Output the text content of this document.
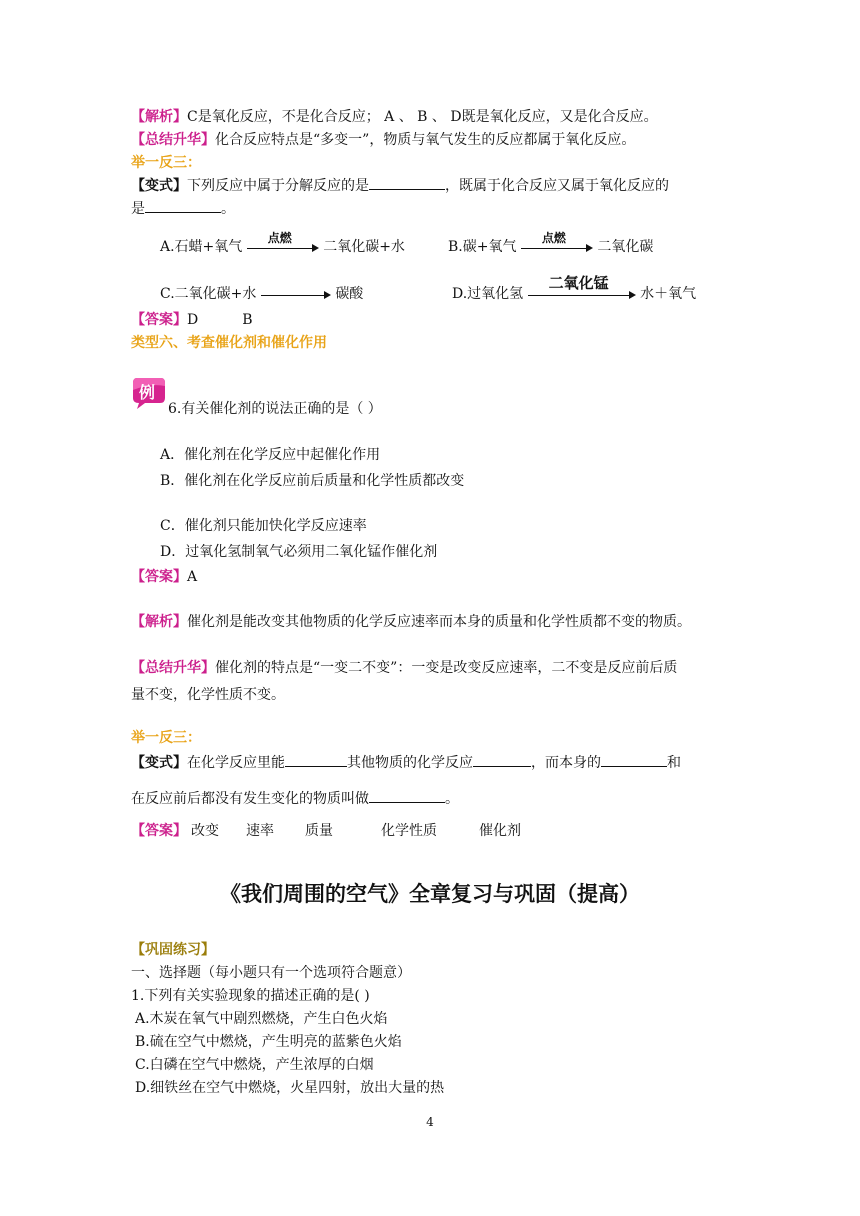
【解析】C是氧化反应，不是化合反应； A 、 B 、 D既是氧化反应，又是化合反应。
【总结升华】化合反应特点是“多变一”，物质与氧气发生的反应都属于氧化反应。
举一反三：
【变式】下列反应中属于分解反应的是	，既属于化合反应又属于氧化反应的
是	。
A.石蜡+氧气
点燃
二氧化碳+水	B.碳+氧气
点燃
二氧化碳
C.二氧化碳+水	碳酸	D.过氧化氢
二氧化锰
水＋氧气
【答案】D	B
类型六、考查催化剂和催化作用
例
6.有关催化剂的说法正确的是（ ）
A．催化剂在化学反应中起催化作用
B．催化剂在化学反应前后质量和化学性质都改变
C．催化剂只能加快化学反应速率
D．过氧化氢制氧气必须用二氧化锰作催化剂
【答案】A
【解析】催化剂是能改变其他物质的化学反应速率而本身的质量和化学性质都不变的物质。
【总结升华】催化剂的特点是“一变二不变”：一变是改变反应速率，二不变是反应前后质
量不变，化学性质不变。
举一反三：
【变式】在化学反应里能	其他物质的化学反应	，而本身的	和
在反应前后都没有发生变化的物质叫做	。
【答案】 改变 速率 质量	化学性质	催化剂
《我们周围的空气》全章复习与巩固（提高）
【巩固练习】
一、选择题（每小题只有一个选项符合题意）
1.下列有关实验现象的描述正确的是( )
A.木炭在氧气中剧烈燃烧，产生白色火焰
B.硫在空气中燃烧，产生明亮的蓝紫色火焰
C.白磷在空气中燃烧，产生浓厚的白烟
D.细铁丝在空气中燃烧，火星四射，放出大量的热
4
